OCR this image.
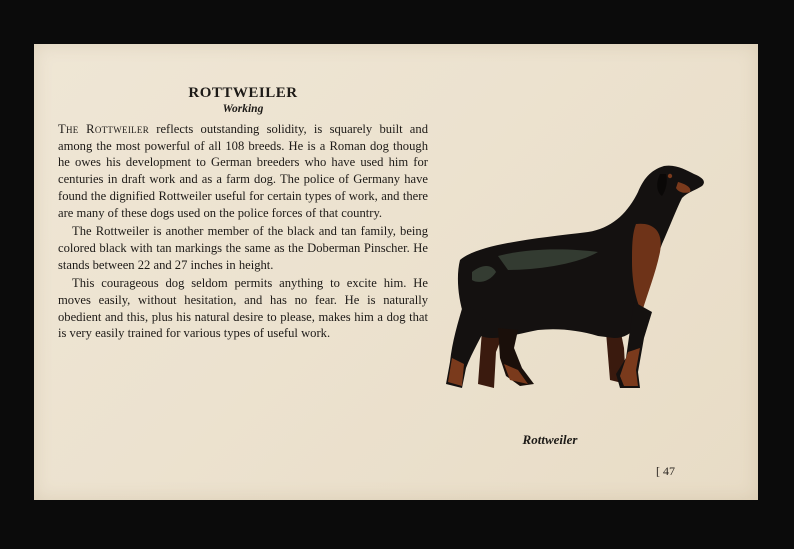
ROTTWEILER
Working

The Rottweiler reflects outstanding solidity, is squarely built and among the most powerful of all 108 breeds. He is a Roman dog though he owes his development to German breeders who have used him for centuries in draft work and as a farm dog. The police of Germany have found the dignified Rottweiler useful for certain types of work, and there are many of these dogs used on the police forces of that country.

The Rottweiler is another member of the black and tan family, being colored black with tan markings the same as the Doberman Pinscher. He stands between 22 and 27 inches in height.

This courageous dog seldom permits anything to excite him. He moves easily, without hesitation, and has no fear. He is naturally obedient and this, plus his natural desire to please, makes him a dog that is very easily trained for various types of useful work.

Rottweiler
[ 47
